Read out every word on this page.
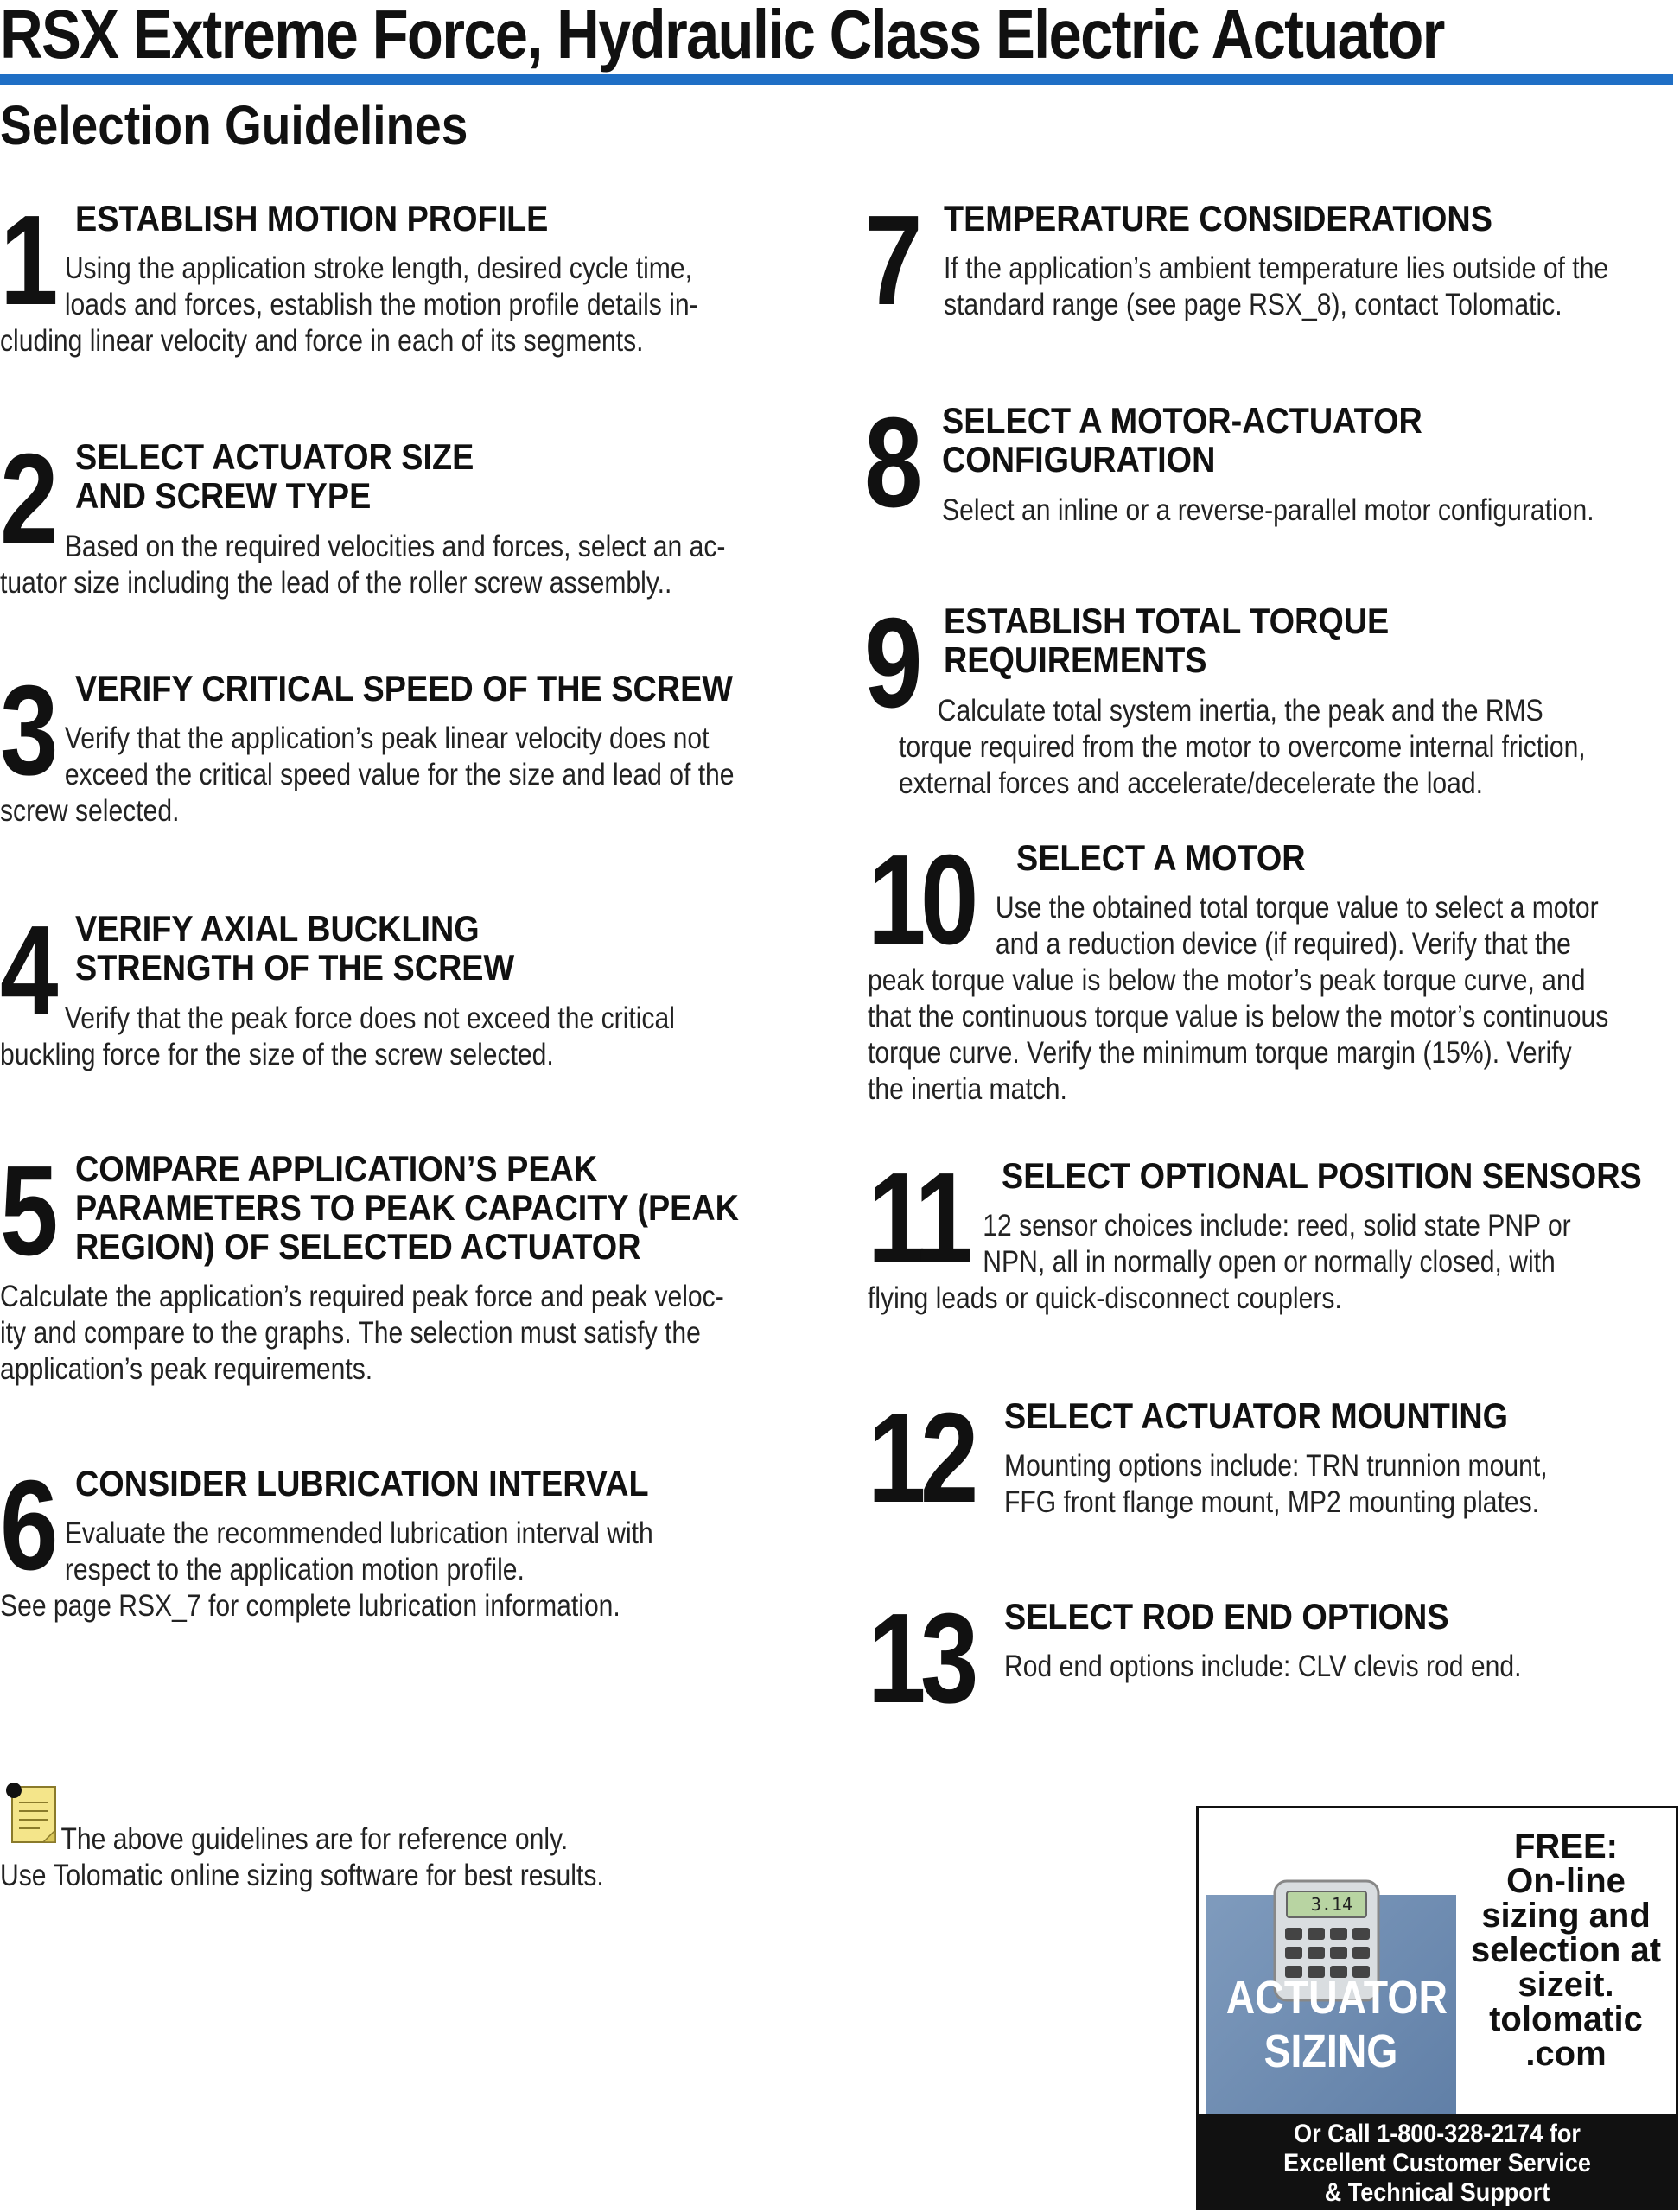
RSX Extreme Force, Hydraulic Class Electric Actuator
Selection Guidelines
1 ESTABLISH MOTION PROFILE
Using the application stroke length, desired cycle time,
loads and forces, establish the motion profile details in-
cluding linear velocity and force in each of its segments.
2 SELECT ACTUATOR SIZE
AND SCREW TYPE
Based on the required velocities and forces, select an ac-
tuator size including the lead of the roller screw assembly..
3 VERIFY CRITICAL SPEED OF THE SCREW
Verify that the application’s peak linear velocity does not
exceed the critical speed value for the size and lead of the
screw selected.
4 VERIFY AXIAL BUCKLING
STRENGTH OF THE SCREW
Verify that the peak force does not exceed the critical
buckling force for the size of the screw selected.
5 COMPARE APPLICATION’S PEAK
PARAMETERS TO PEAK CAPACITY (PEAK
REGION) OF SELECTED ACTUATOR
Calculate the application’s required peak force and peak veloc-
ity and compare to the graphs. The selection must satisfy the
application’s peak requirements.
6 CONSIDER LUBRICATION INTERVAL
Evaluate the recommended lubrication interval with
respect to the application motion profile.
See page RSX_7 for complete lubrication information.
7 TEMPERATURE CONSIDERATIONS
If the application’s ambient temperature lies outside of the
standard range (see page RSX_8), contact Tolomatic.
8 SELECT A MOTOR-ACTUATOR
CONFIGURATION
Select an inline or a reverse-parallel motor configuration.
9 ESTABLISH TOTAL TORQUE
REQUIREMENTS
Calculate total system inertia, the peak and the RMS
torque required from the motor to overcome internal friction,
external forces and accelerate/decelerate the load.
10 SELECT A MOTOR
Use the obtained total torque value to select a motor
and a reduction device (if required). Verify that the
peak torque value is below the motor’s peak torque curve, and
that the continuous torque value is below the motor’s continuous
torque curve. Verify the minimum torque margin (15%). Verify
the inertia match.
11 SELECT OPTIONAL POSITION SENSORS
12 sensor choices include: reed, solid state PNP or
NPN, all in normally open or normally closed, with
flying leads or quick-disconnect couplers.
12 SELECT ACTUATOR MOUNTING
Mounting options include: TRN trunnion mount,
FFG front flange mount, MP2 mounting plates.
13 SELECT ROD END OPTIONS
Rod end options include: CLV clevis rod end.
The above guidelines are for reference only.
Use Tolomatic online sizing software for best results.
3.14
ACTUATOR
SIZING
FREE:
On-line
sizing and
selection at
sizeit.
tolomatic
.com
Or Call 1-800-328-2174 for
Excellent Customer Service
& Technical Support
